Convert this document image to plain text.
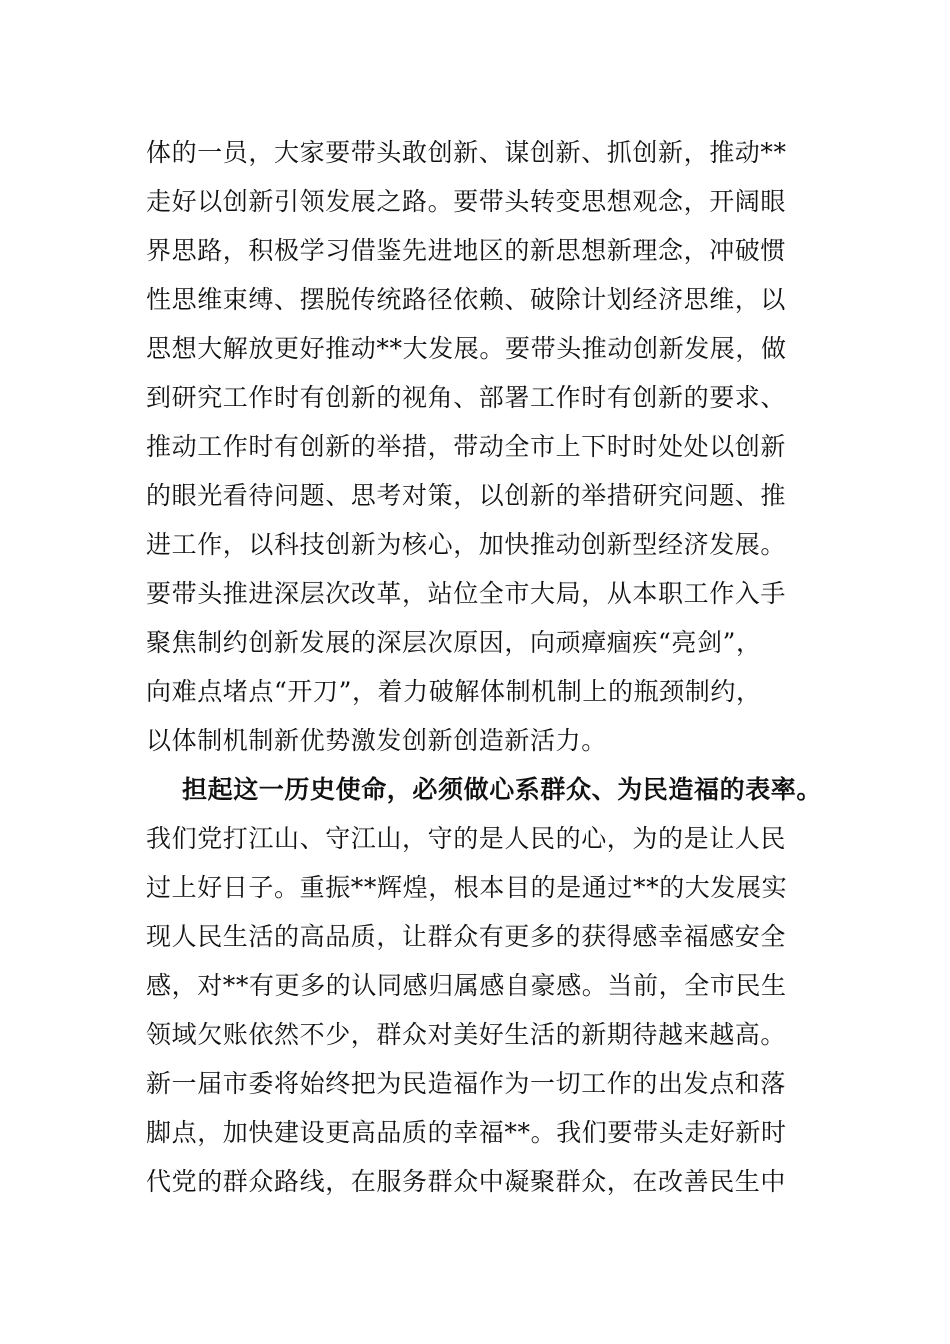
体的一员，大家要带头敢创新、谋创新、抓创新，推动**
走好以创新引领发展之路。要带头转变思想观念，开阔眼
界思路，积极学习借鉴先进地区的新思想新理念，冲破惯
性思维束缚、摆脱传统路径依赖、破除计划经济思维，以
思想大解放更好推动**大发展。要带头推动创新发展，做
到研究工作时有创新的视角、部署工作时有创新的要求、
推动工作时有创新的举措，带动全市上下时时处处以创新
的眼光看待问题、思考对策，以创新的举措研究问题、推
进工作，以科技创新为核心，加快推动创新型经济发展。
要带头推进深层次改革，站位全市大局，从本职工作入手
聚焦制约创新发展的深层次原因，向顽瘴痼疾“亮剑”，
向难点堵点“开刀”，着力破解体制机制上的瓶颈制约，
以体制机制新优势激发创新创造新活力。
担起这一历史使命，必须做心系群众、为民造福的表率。
我们党打江山、守江山，守的是人民的心，为的是让人民
过上好日子。重振**辉煌，根本目的是通过**的大发展实
现人民生活的高品质，让群众有更多的获得感幸福感安全
感，对**有更多的认同感归属感自豪感。当前，全市民生
领域欠账依然不少，群众对美好生活的新期待越来越高。
新一届市委将始终把为民造福作为一切工作的出发点和落
脚点，加快建设更高品质的幸福**。我们要带头走好新时
代党的群众路线，在服务群众中凝聚群众，在改善民生中
